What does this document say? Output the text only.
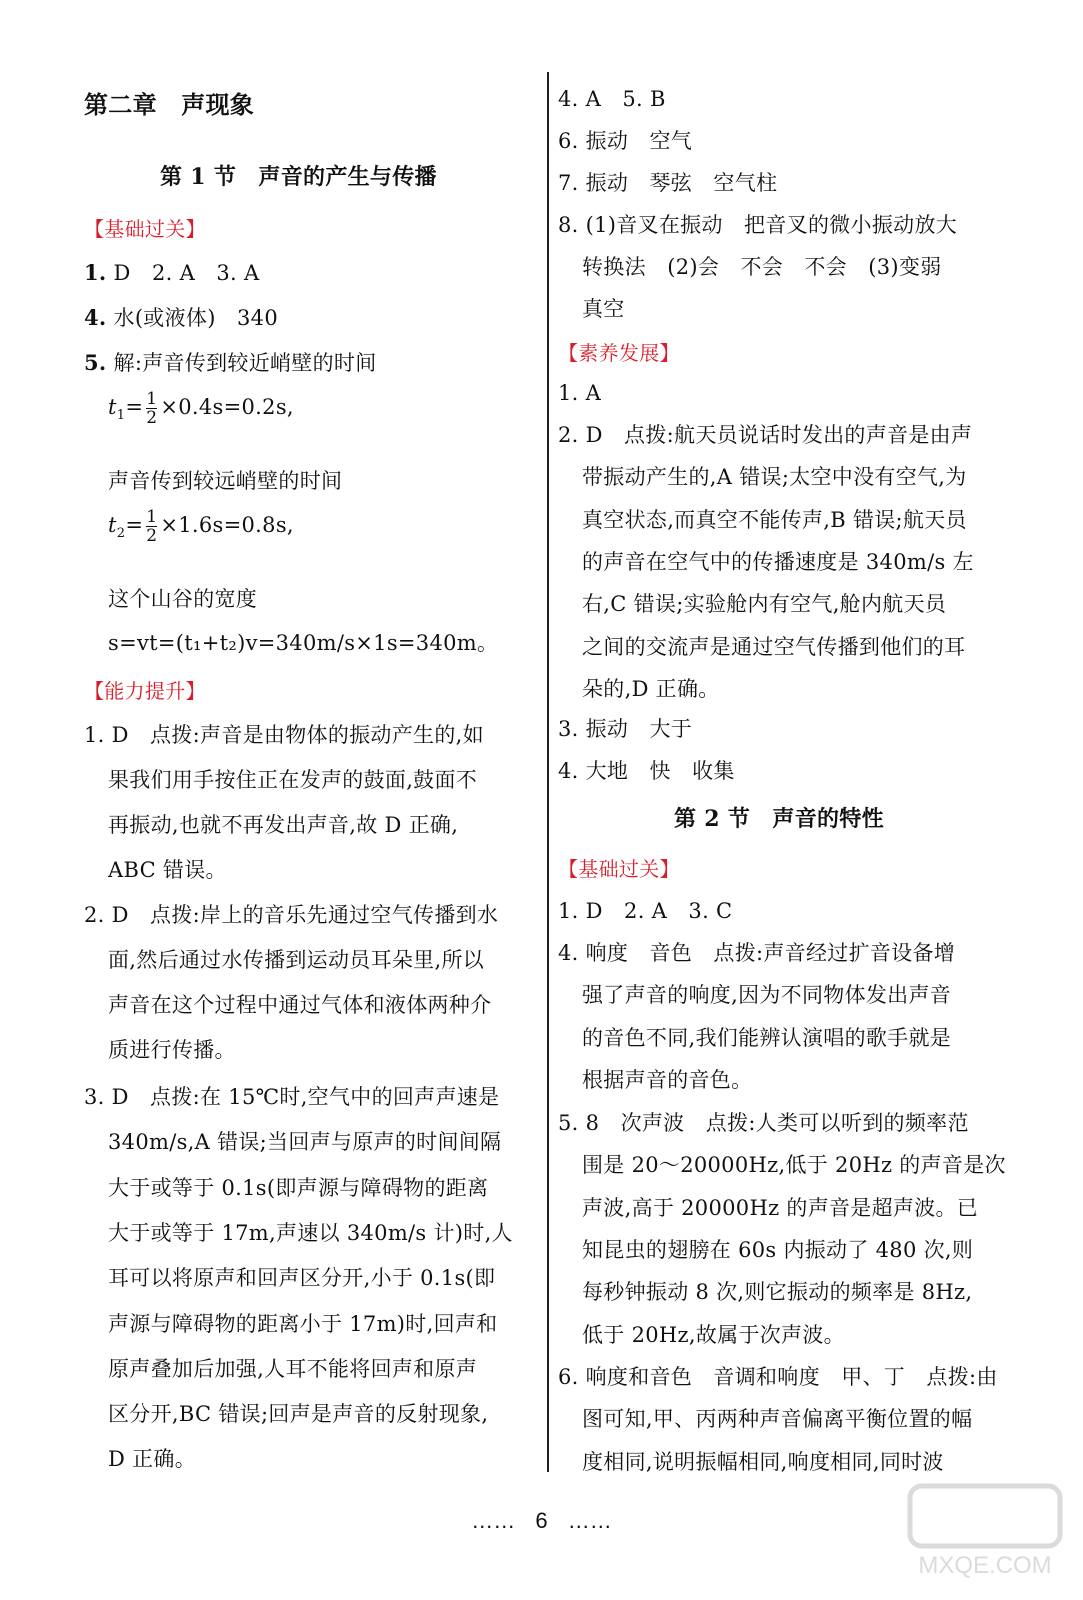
第二章　声现象
第 1 节　声音的产生与传播
【基础过关】
1. D　2. A　3. A
4. 水(或液体)　340
5. 解:声音传到较近峭壁的时间
$t_1= \frac{1}{2} \times 0.4s=0.2s$,
声音传到较远峭壁的时间
$t_2= \frac{1}{2} \times 1.6s=0.8s$,
这个山谷的宽度
s=vt=(t₁+t₂)v=340m/s×1s=340m。
【能力提升】
1. D　点拨:声音是由物体的振动产生的,如
果我们用手按住正在发声的鼓面,鼓面不
再振动,也就不再发出声音,故 D 正确,
ABC 错误。
2. D　点拨:岸上的音乐先通过空气传播到水
面,然后通过水传播到运动员耳朵里,所以
声音在这个过程中通过气体和液体两种介
质进行传播。
3. D　点拨:在 15℃时,空气中的回声声速是
340m/s,A 错误;当回声与原声的时间间隔
大于或等于 0.1s(即声源与障碍物的距离
大于或等于 17m,声速以 340m/s 计)时,人
耳可以将原声和回声区分开,小于 0.1s(即
声源与障碍物的距离小于 17m)时,回声和
原声叠加后加强,人耳不能将回声和原声
区分开,BC 错误;回声是声音的反射现象,
D 正确。
4. A　5. B
6. 振动　空气
7. 振动　琴弦　空气柱
8. (1)音叉在振动　把音叉的微小振动放大
转换法　(2)会　不会　不会　(3)变弱
真空
【素养发展】
1. A
2. D　点拨:航天员说话时发出的声音是由声
带振动产生的,A 错误;太空中没有空气,为
真空状态,而真空不能传声,B 错误;航天员
的声音在空气中的传播速度是 340m/s 左
右,C 错误;实验舱内有空气,舱内航天员
之间的交流声是通过空气传播到他们的耳
朵的,D 正确。
3. 振动　大于
4. 大地　快　收集
第 2 节　声音的特性
【基础过关】
1. D　2. A　3. C
4. 响度　音色　点拨:声音经过扩音设备增
强了声音的响度,因为不同物体发出声音
的音色不同,我们能辨认演唱的歌手就是
根据声音的音色。
5. 8　次声波　点拨:人类可以听到的频率范
围是 20～20000Hz,低于 20Hz 的声音是次
声波,高于 20000Hz 的声音是超声波。已
知昆虫的翅膀在 60s 内振动了 480 次,则
每秒钟振动 8 次,则它振动的频率是 8Hz,
低于 20Hz,故属于次声波。
6. 响度和音色　音调和响度　甲、丁　点拨:由
图可知,甲、丙两种声音偏离平衡位置的幅
度相同,说明振幅相同,响度相同,同时波
…… 6 ……
MXQE.COM
